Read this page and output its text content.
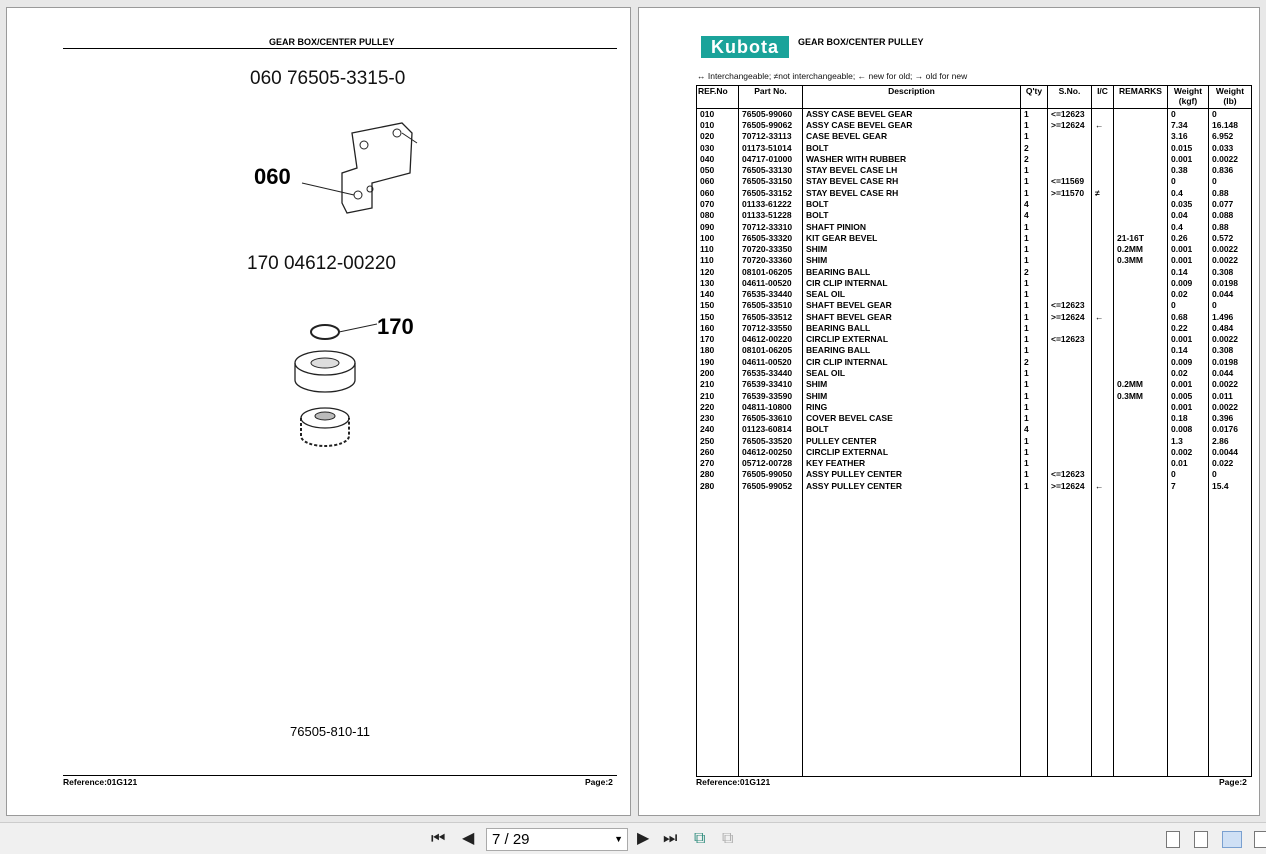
GEAR BOX/CENTER PULLEY
060 76505-3315-0
060
170 04612-00220
170
76505-810-11
Reference:01G121	Page:2
Kubota	GEAR BOX/CENTER PULLEY
↔ Interchangeable; ≠not interchangeable; ← new for old; → old for new
REF.No	Part No.	Description	Q'ty	S.No.	I/C	REMARKS	Weight (kgf)	Weight (lb)
010	76505-99060	ASSY CASE BEVEL GEAR	1	<=12623			0	0
010	76505-99062	ASSY CASE BEVEL GEAR	1	>=12624	←		7.34	16.148
020	70712-33113	CASE BEVEL GEAR	1				3.16	6.952
030	01173-51014	BOLT	2				0.015	0.033
040	04717-01000	WASHER WITH RUBBER	2				0.001	0.0022
050	76505-33130	STAY BEVEL CASE LH	1				0.38	0.836
060	76505-33150	STAY BEVEL CASE RH	1	<=11569			0	0
060	76505-33152	STAY BEVEL CASE RH	1	>=11570	≠		0.4	0.88
070	01133-61222	BOLT	4				0.035	0.077
080	01133-51228	BOLT	4				0.04	0.088
090	70712-33310	SHAFT PINION	1				0.4	0.88
100	76505-33320	KIT GEAR BEVEL	1			21-16T	0.26	0.572
110	70720-33350	SHIM	1			0.2MM	0.001	0.0022
110	70720-33360	SHIM	1			0.3MM	0.001	0.0022
120	08101-06205	BEARING BALL	2				0.14	0.308
130	04611-00520	CIR CLIP INTERNAL	1				0.009	0.0198
140	76535-33440	SEAL OIL	1				0.02	0.044
150	76505-33510	SHAFT BEVEL GEAR	1	<=12623			0	0
150	76505-33512	SHAFT BEVEL GEAR	1	>=12624	←		0.68	1.496
160	70712-33550	BEARING BALL	1				0.22	0.484
170	04612-00220	CIRCLIP EXTERNAL	1	<=12623			0.001	0.0022
180	08101-06205	BEARING BALL	1				0.14	0.308
190	04611-00520	CIR CLIP INTERNAL	2				0.009	0.0198
200	76535-33440	SEAL OIL	1				0.02	0.044
210	76539-33410	SHIM	1			0.2MM	0.001	0.0022
210	76539-33590	SHIM	1			0.3MM	0.005	0.011
220	04811-10800	RING	1				0.001	0.0022
230	76505-33610	COVER BEVEL CASE	1				0.18	0.396
240	01123-60814	BOLT	4				0.008	0.0176
250	76505-33520	PULLEY CENTER	1				1.3	2.86
260	04612-00250	CIRCLIP EXTERNAL	1				0.002	0.0044
270	05712-00728	KEY FEATHER	1				0.01	0.022
280	76505-99050	ASSY PULLEY CENTER	1	<=12623			0	0
280	76505-99052	ASSY PULLEY CENTER	1	>=12624	←		7	15.4

Reference:01G121	Page:2
⏮ ◀	7 / 29	▼ ▶ ⏭ ⧉ ⧉
